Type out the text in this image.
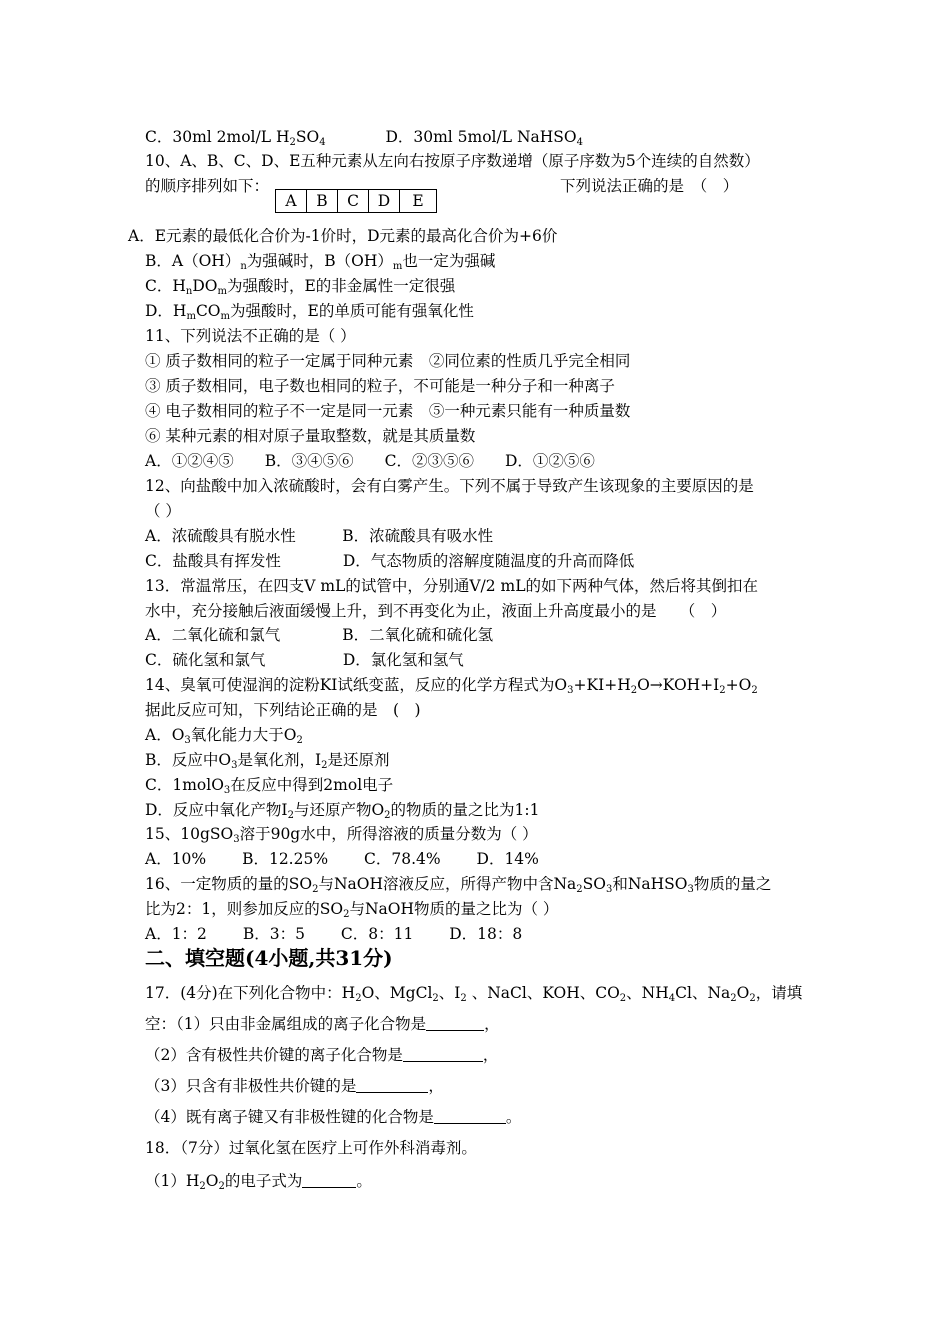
C．30ml 2mol/L $H_2SO_4$	D．30ml 5mol/L NaHSO$_4$
10、A、B、C、D、E五种元素从左向右按原子序数递增（原子序数为5个连续的自然数）
的顺序排列如下：
A	B	C	D	E
下列说法正确的是　（　）
A．E元素的最低化合价为-1价时，D元素的最高化合价为+6价
B．$A(OH)_n$为强碱时，$B(OH)_m$也一定为强碱
C．$H_nDO_m$为强酸时，E的非金属性一定很强
D．$H_mCO_m$为强酸时，E的单质可能有强氧化性
11、下列说法不正确的是（ ）
① 质子数相同的粒子一定属于同种元素　②同位素的性质几乎完全相同
③ 质子数相同，电子数也相同的粒子，不可能是一种分子和一种离子
④ 电子数相同的粒子不一定是同一元素　⑤一种元素只能有一种质量数
⑥ 某种元素的相对原子量取整数，就是其质量数
A．①②④⑤　　B．③④⑤⑥　　C．②③⑤⑥　　D．①②⑤⑥
12、向盐酸中加入浓硫酸时，会有白雾产生。下列不属于导致产生该现象的主要原因的是
（ ）
A．浓硫酸具有脱水性　　　B．浓硫酸具有吸水性
C．盐酸具有挥发性　　　　D．气态物质的溶解度随温度的升高而降低
13．常温常压，在四支V mL的试管中，分别通V/2 mL的如下两种气体，然后将其倒扣在
水中，充分接触后液面缓慢上升，到不再变化为止，液面上升高度最小的是　　（　）
A．二氧化硫和氯气　　　　B．二氧化硫和硫化氢
C．硫化氢和氯气　　　　　D．氯化氢和氢气
14、臭氧可使湿润的淀粉KI试纸变蓝，反应的化学方程式为$O_3+KI+H_2O\to KOH+I_2+O_2$
据此反应可知，下列结论正确的是　(　)
A．$O_3$氧化能力大于$O_2$
B．反应中$O_3$是氧化剂，$I_2$是还原剂
C．1molO$_3$在反应中得到2mol电子
D．反应中氧化产物$I_2$与还原产物$O_2$的物质的量之比为1:1
15、10gSO$_3$溶于90g水中，所得溶液的质量分数为（ ）
A．10%　　 B．12.25%　　 C．78.4%　　 D．14%
16、一定物质的量的$SO_2$与NaOH溶液反应，所得产物中含$Na_2SO_3$和NaHSO$_3$物质的量之
比为2：1，则参加反应的$SO_2$与NaOH物质的量之比为（ ）
A．1：2　　 B．3：5　　 C．8：11　　 D．18：8
二、填空题(4小题,共31分)
17．(4分)在下列化合物中：$H_2O$、MgCl$_2$、$I_2$ 、NaCl、KOH、$CO_2$、$NH_4Cl$、$Na_2O_2$，请填
空：（1）只由非金属组成的离子化合物是	，
（2）含有极性共价键的离子化合物是	，
（3）只含有非极性共价键的是	，
（4）既有离子键又有非极性键的化合物是	。
18．（7分）过氧化氢在医疗上可作外科消毒剂。
$(1)H_2O_2$的电子式为	。
